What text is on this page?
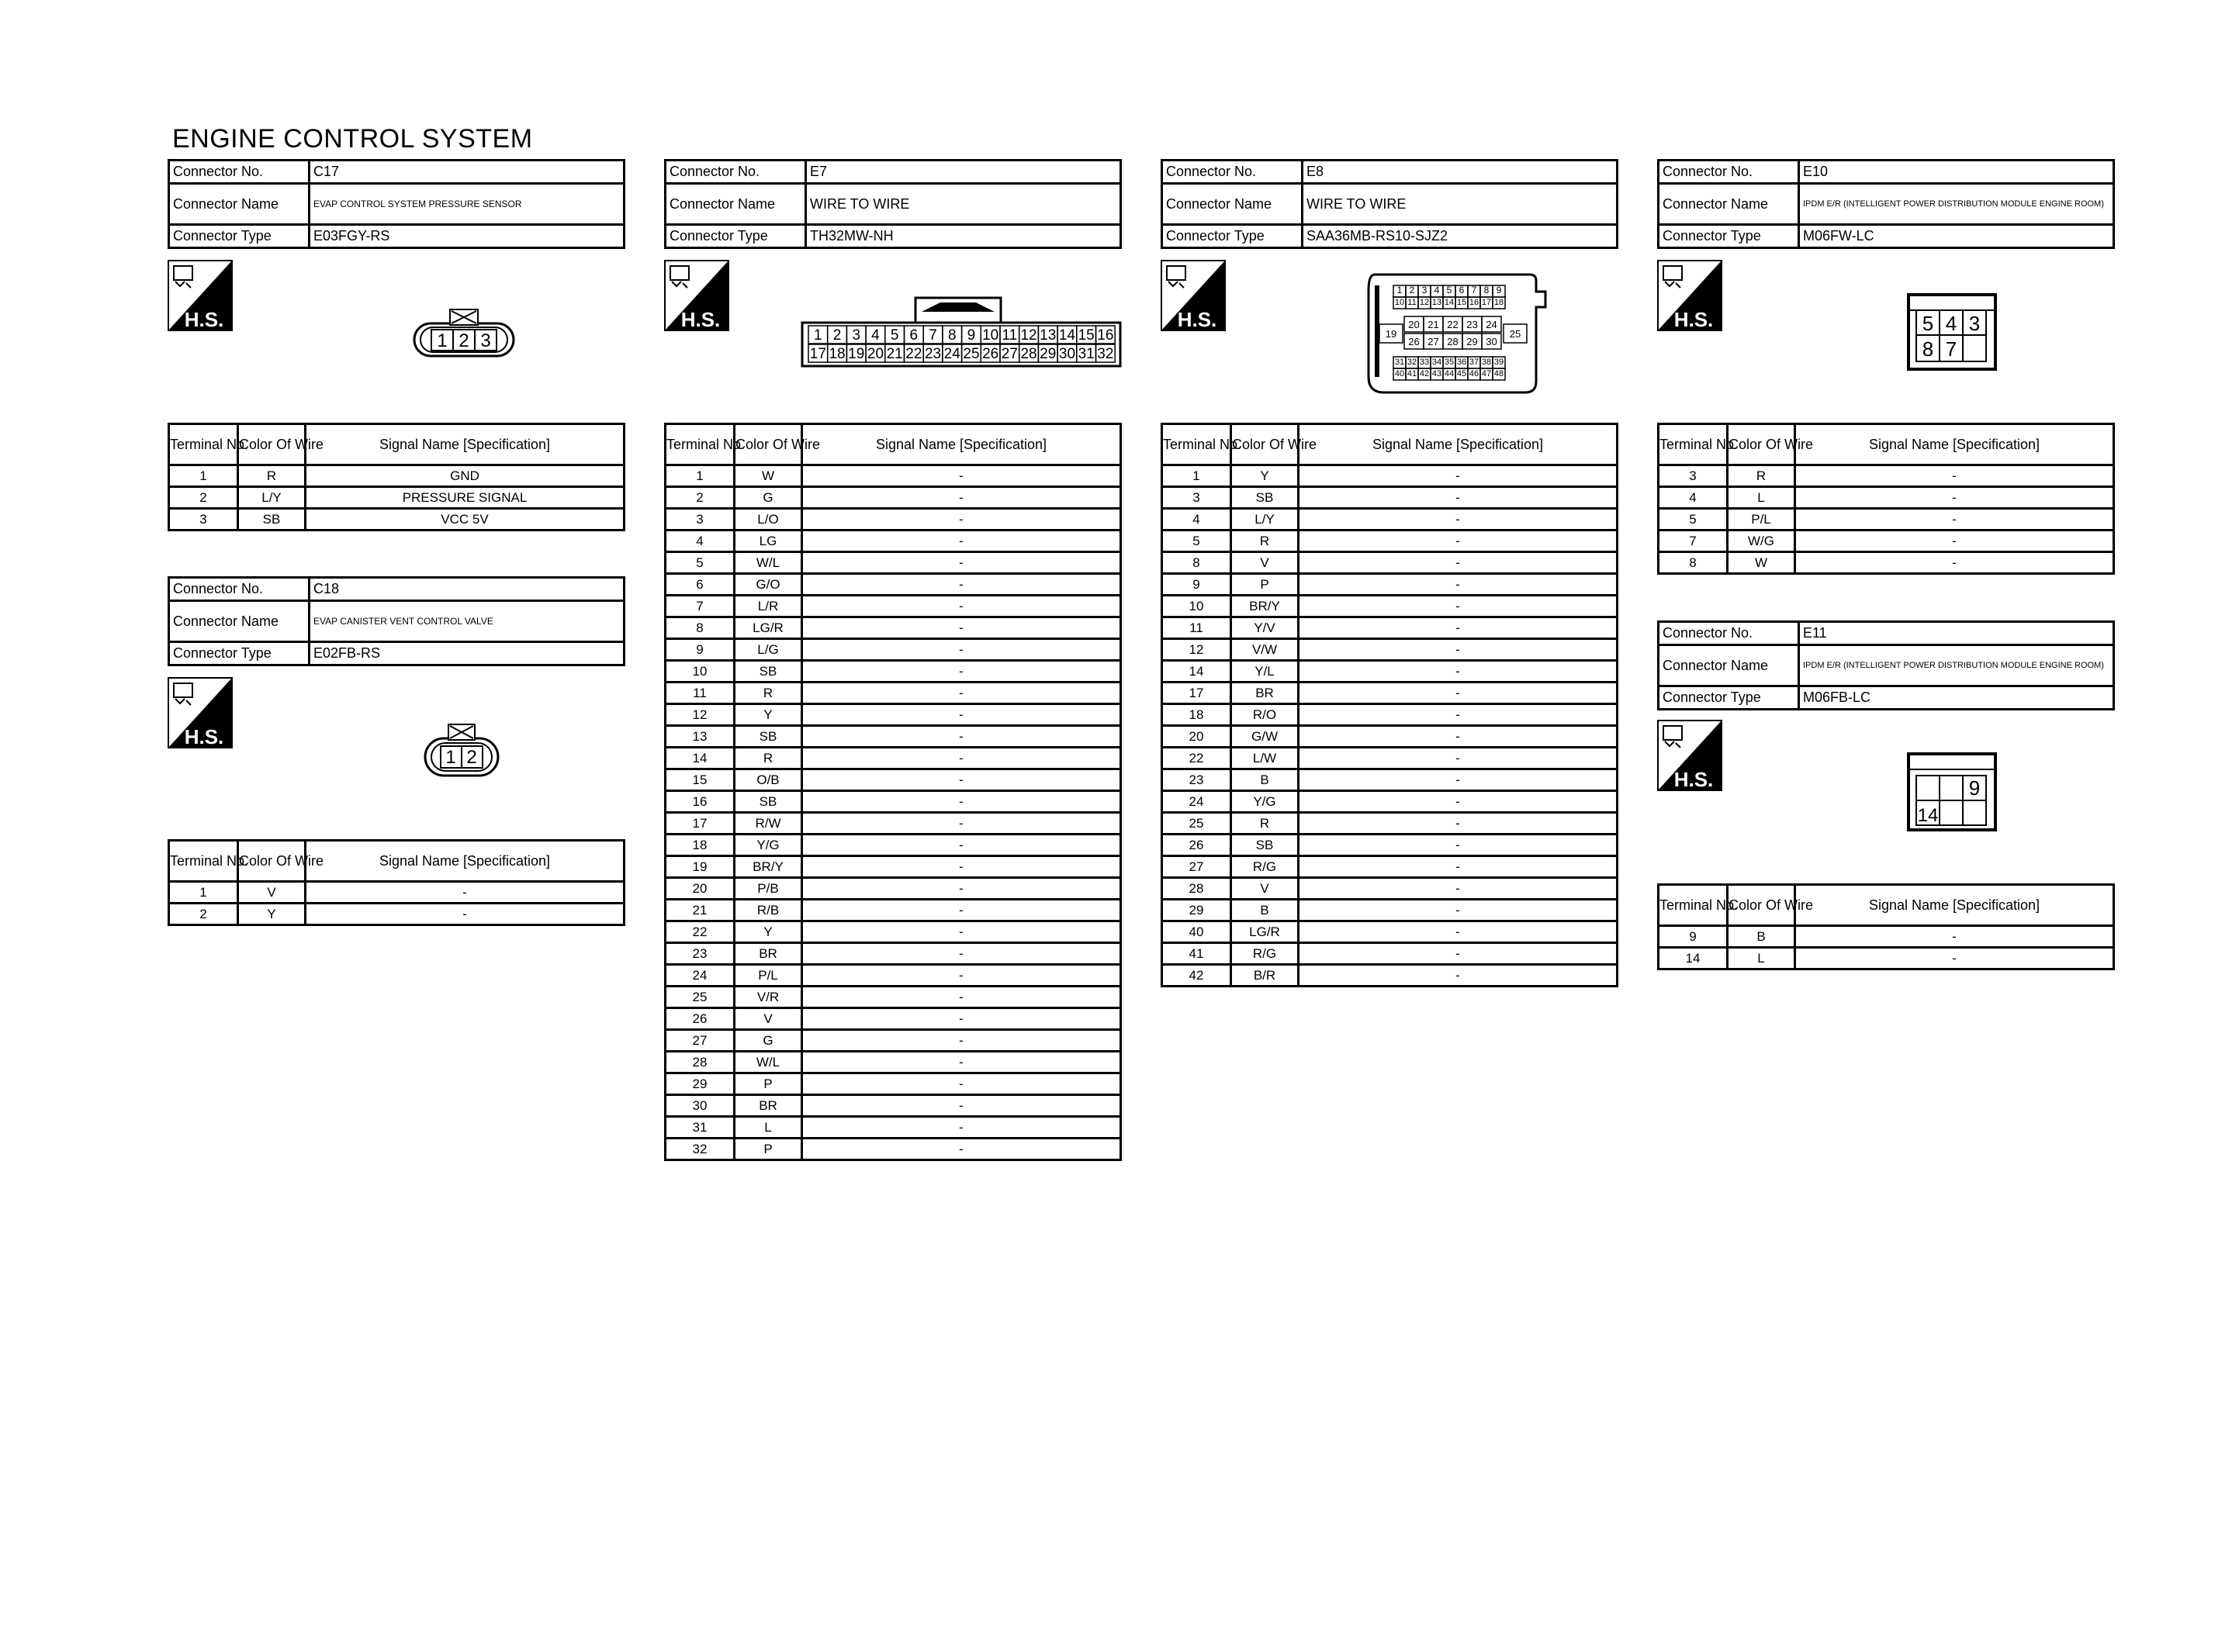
ENGINE CONTROL SYSTEM
Connector No.	C17
Connector Name	EVAP CONTROL SYSTEM PRESSURE SENSOR
Connector Type	E03FGY-RS
H.S.
1 2 3
Terminal No.	Color Of Wire	Signal Name [Specification]
1	R	GND
2	L/Y	PRESSURE SIGNAL
3	SB	VCC 5V
Connector No.	C18
Connector Name	EVAP CANISTER VENT CONTROL VALVE
Connector Type	E02FB-RS
H.S.
1 2
Terminal No.	Color Of Wire	Signal Name [Specification]
1	V	-
2	Y	-
Connector No.	E7
Connector Name	WIRE TO WIRE
Connector Type	TH32MW-NH
H.S.
1 2 3 4 5 6 7 8 9 10 11 12 13 14 15 16
17 18 19 20 21 22 23 24 25 26 27 28 29 30 31 32
Terminal No.	Color Of Wire	Signal Name [Specification]
1	W	-
2	G	-
3	L/O	-
4	LG	-
5	W/L	-
6	G/O	-
7	L/R	-
8	LG/R	-
9	L/G	-
10	SB	-
11	R	-
12	Y	-
13	SB	-
14	R	-
15	O/B	-
16	SB	-
17	R/W	-
18	Y/G	-
19	BR/Y	-
20	P/B	-
21	R/B	-
22	Y	-
23	BR	-
24	P/L	-
25	V/R	-
26	V	-
27	G	-
28	W/L	-
29	P	-
30	BR	-
31	L	-
32	P	-
Connector No.	E8
Connector Name	WIRE TO WIRE
Connector Type	SAA36MB-RS10-SJZ2
H.S.
1 2 3 4 5 6 7 8 9
10 11 12 13 14 15 16 17 18
19
20 21 22 23 24
26 27 28 29 30
25
31 32 33 34 35 36 37 38 39
40 41 42 43 44 45 46 47 48
Terminal No.	Color Of Wire	Signal Name [Specification]
1	Y	-
3	SB	-
4	L/Y	-
5	R	-
8	V	-
9	P	-
10	BR/Y	-
11	Y/V	-
12	V/W	-
14	Y/L	-
17	BR	-
18	R/O	-
20	G/W	-
22	L/W	-
23	B	-
24	Y/G	-
25	R	-
26	SB	-
27	R/G	-
28	V	-
29	B	-
40	LG/R	-
41	R/G	-
42	B/R	-
Connector No.	E10
Connector Name	IPDM E/R (INTELLIGENT POWER DISTRIBUTION MODULE ENGINE ROOM)
Connector Type	M06FW-LC
H.S.	5 4 3
8 7
Terminal No.	Color Of Wire	Signal Name [Specification]
3	R	-
4	L	-
5	P/L	-
7	W/G	-
8	W	-
Connector No.	E11
Connector Name	IPDM E/R (INTELLIGENT POWER DISTRIBUTION MODULE ENGINE ROOM)
Connector Type	M06FB-LC
H.S.	9
14
Terminal No.	Color Of Wire	Signal Name [Specification]
9	B	-
14	L	-
